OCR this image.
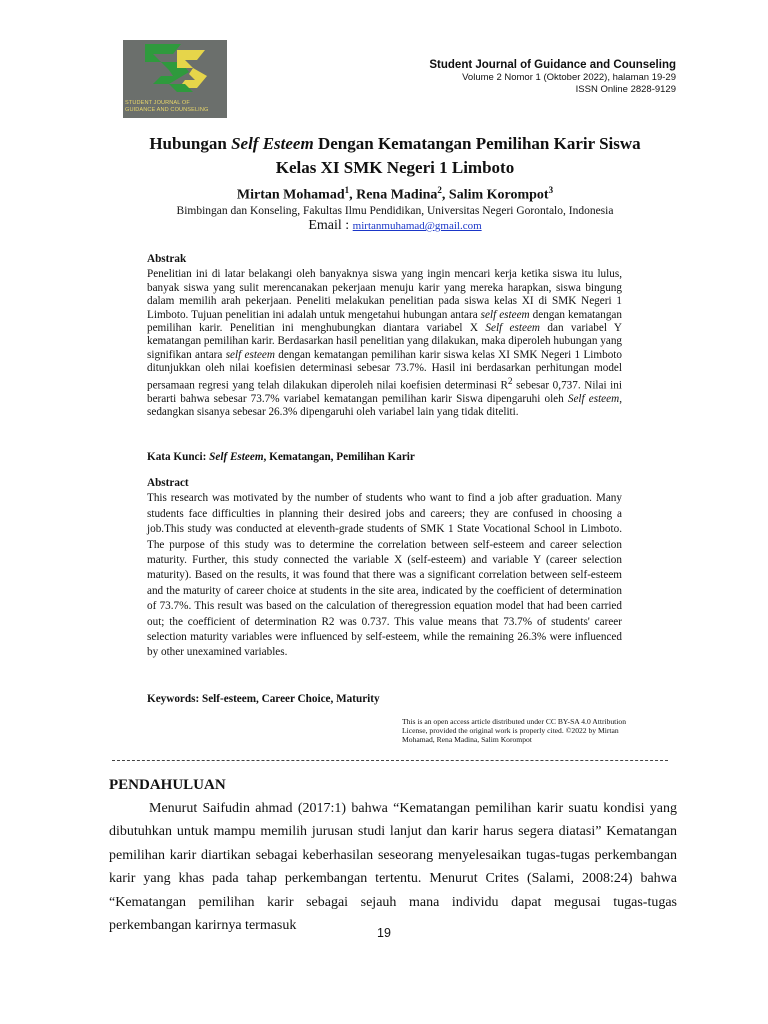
STUDENT JOURNAL OF
GUIDANCE AND COUNSELING
Student Journal of Guidance and Counseling
Volume 2 Nomor 1 (Oktober 2022), halaman 19-29
ISSN Online 2828-9129
Hubungan Self Esteem Dengan Kematangan Pemilihan Karir Siswa
Kelas XI SMK Negeri 1 Limboto
Mirtan Mohamad$^1$, Rena Madina$^2$, Salim Korompot$^3$
Bimbingan dan Konseling, Fakultas Ilmu Pendidikan, Universitas Negeri Gorontalo, Indonesia
Email : mirtanmuhamad@gmail.com
Abstrak

Penelitian ini di latar belakangi oleh banyaknya siswa yang ingin mencari kerja ketika siswa itu lulus, banyak siswa yang sulit merencanakan pekerjaan menuju karir yang mereka harapkan, siswa bingung dalam memilih arah pekerjaan. Peneliti melakukan penelitian pada siswa kelas XI di SMK Negeri 1 Limboto. Tujuan penelitian ini adalah untuk mengetahui hubungan antara self esteem dengan kematangan pemilihan karir. Penelitian ini menghubungkan diantara variabel X Self esteem dan variabel Y kematangan pemilihan karir. Berdasarkan hasil penelitian yang dilakukan, maka diperoleh hubungan yang signifikan antara self esteem dengan kematangan pemilihan karir siswa kelas XI SMK Negeri 1 Limboto ditunjukkan oleh nilai koefisien determinasi sebesar 73.7%. Hasil ini berdasarkan perhitungan model persamaan regresi yang telah dilakukan diperoleh nilai koefisien determinasi $R^2$ sebesar 0,737. Nilai ini berarti bahwa sebesar 73.7% variabel kematangan pemilihan karir Siswa dipengaruhi oleh Self esteem, sedangkan sisanya sebesar 26.3% dipengaruhi oleh variabel lain yang tidak diteliti.

Kata Kunci: Self Esteem, Kematangan, Pemilihan Karir
Abstract

This research was motivated by the number of students who want to find a job after graduation. Many students face difficulties in planning their desired jobs and careers; they are confused in choosing a job.This study was conducted at eleventh-grade students of SMK 1 State Vocational School in Limboto. The purpose of this study was to determine the correlation between self-esteem and career selection maturity. Further, this study connected the variable X (self-esteem) and variable Y (career selection maturity). Based on the results, it was found that there was a significant correlation between self-esteem and the maturity of career choice at students in the site area, indicated by the coefficient of determination of 73.7%. This result was based on the calculation of theregression equation model that had been carried out; the coefficient of determination R2 was 0.737. This value means that 73.7% of students' career selection maturity variables were influenced by self-esteem, while the remaining 26.3% were influenced by other unexamined variables.

Keywords: Self-esteem, Career Choice, Maturity
This is an open access article distributed under CC BY-SA 4.0 Attribution License, provided the original work is properly cited. ©2022 by Mirtan Mohamad, Rena Madina, Salim Korompot
PENDAHULUAN

Menurut Saifudin ahmad (2017:1) bahwa “Kematangan pemilihan karir suatu kondisi yang dibutuhkan untuk mampu memilih jurusan studi lanjut dan karir harus segera diatasi” Kematangan pemilihan karir diartikan sebagai keberhasilan seseorang menyelesaikan tugas-tugas perkembangan karir yang khas pada tahap perkembangan tertentu. Menurut Crites (Salami, 2008:24) bahwa “Kematangan pemilihan karir sebagai sejauh mana individu dapat megusai tugas-tugas perkembangan karirnya termasuk	19
